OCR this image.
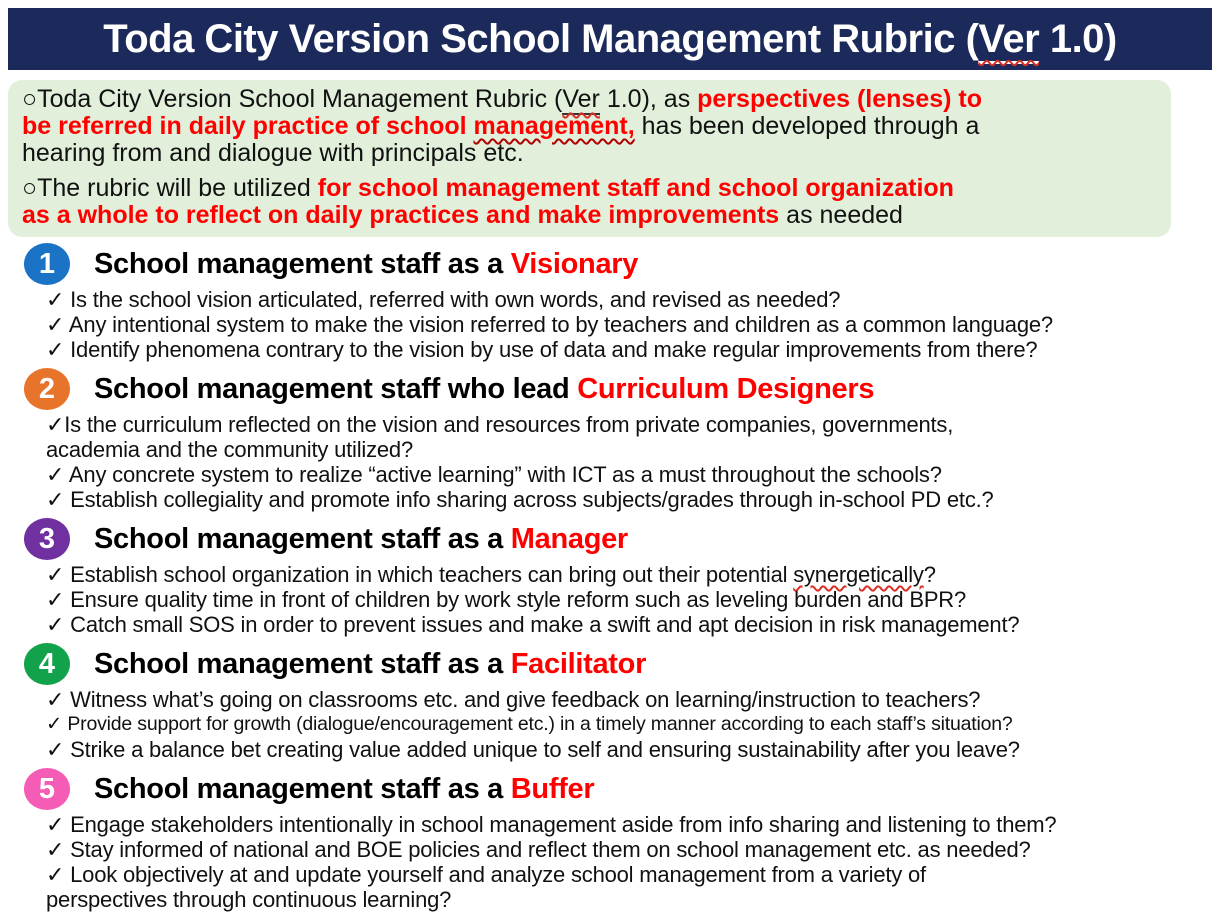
Toda City Version School Management Rubric (Ver 1.0)

○Toda City Version School Management Rubric (Ver 1.0), as perspectives (lenses) to
be referred in daily practice of school management, has been developed through a
hearing from and dialogue with principals etc.

○The rubric will be utilized for school management staff and school organization
as a whole to reflect on daily practices and make improvements as needed

1	School management staff as a Visionary
✓ Is the school vision articulated, referred with own words, and revised as needed?
✓ Any intentional system to make the vision referred to by teachers and children as a common language?
✓ Identify phenomena contrary to the vision by use of data and make regular improvements from there?
2	School management staff who lead Curriculum Designers
✓Is the curriculum reflected on the vision and resources from private companies, governments,
academia and the community utilized?
✓ Any concrete system to realize “active learning” with ICT as a must throughout the schools?
✓ Establish collegiality and promote info sharing across subjects/grades through in-school PD etc.?
3	School management staff as a Manager
✓ Establish school organization in which teachers can bring out their potential synergetically?
✓ Ensure quality time in front of children by work style reform such as leveling burden and BPR?
✓ Catch small SOS in order to prevent issues and make a swift and apt decision in risk management?
4	School management staff as a Facilitator
✓ Witness what’s going on classrooms etc. and give feedback on learning/instruction to teachers?
✓ Provide support for growth (dialogue/encouragement etc.) in a timely manner according to each staff’s situation?
✓ Strike a balance bet creating value added unique to self and ensuring sustainability after you leave?
5	School management staff as a Buffer
✓ Engage stakeholders intentionally in school management aside from info sharing and listening to them?
✓ Stay informed of national and BOE policies and reflect them on school management etc. as needed?
✓ Look objectively at and update yourself and analyze school management from a variety of
perspectives through continuous learning?
